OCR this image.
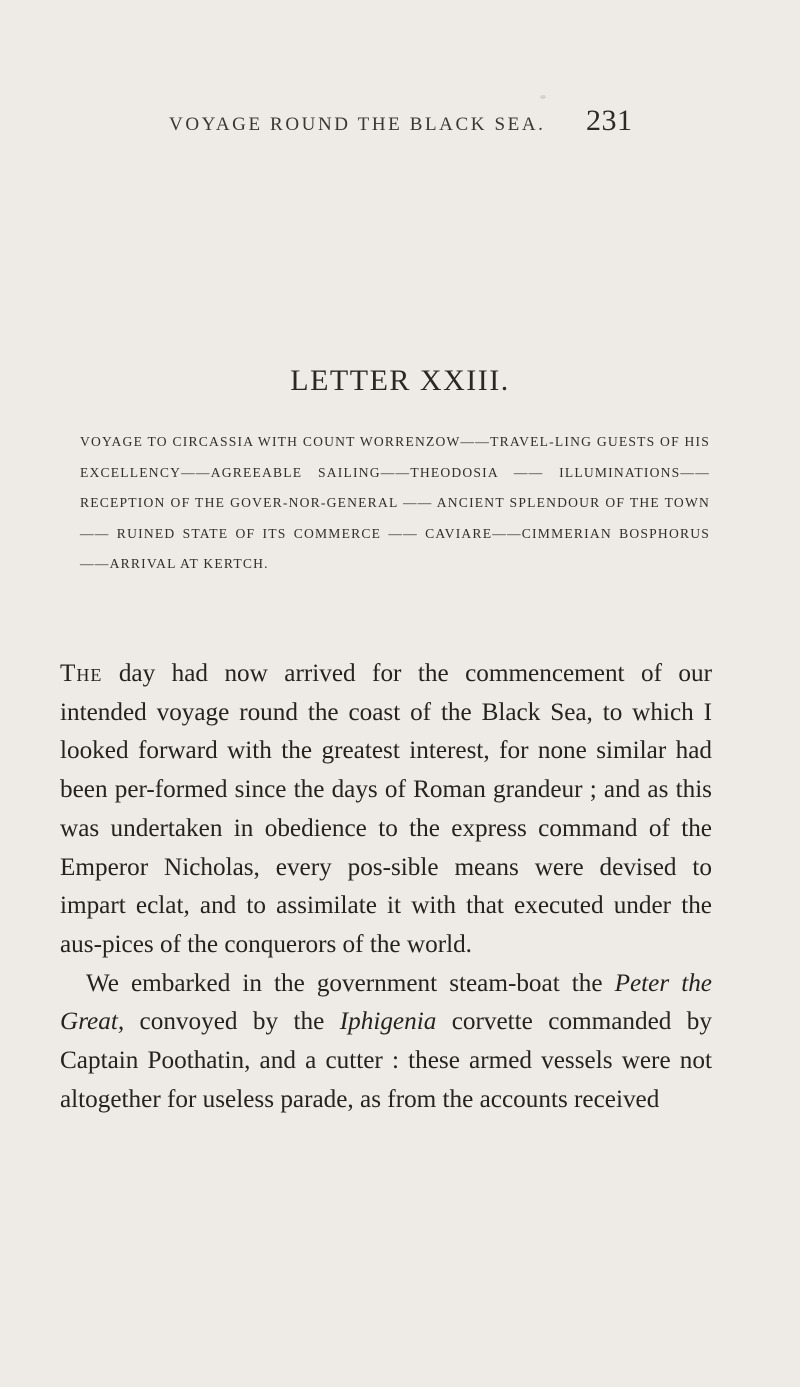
VOYAGE ROUND THE BLACK SEA. 231
LETTER XXIII.
VOYAGE TO CIRCASSIA WITH COUNT WORRENZOW——TRAVEL-LING GUESTS OF HIS EXCELLENCY——AGREEABLE SAILING——THEODOSIA —— ILLUMINATIONS——RECEPTION OF THE GOVER-NOR-GENERAL —— ANCIENT SPLENDOUR OF THE TOWN —— RUINED STATE OF ITS COMMERCE —— CAVIARE——CIMMERIAN BOSPHORUS——ARRIVAL AT KERTCH.

The day had now arrived for the commencement of our intended voyage round the coast of the Black Sea, to which I looked forward with the greatest interest, for none similar had been per-formed since the days of Roman grandeur ; and as this was undertaken in obedience to the express command of the Emperor Nicholas, every pos-sible means were devised to impart eclat, and to assimilate it with that executed under the aus-pices of the conquerors of the world.

We embarked in the government steam-boat the Peter the Great, convoyed by the Iphigenia corvette commanded by Captain Poothatin, and a cutter : these armed vessels were not altogether for useless parade, as from the accounts received
